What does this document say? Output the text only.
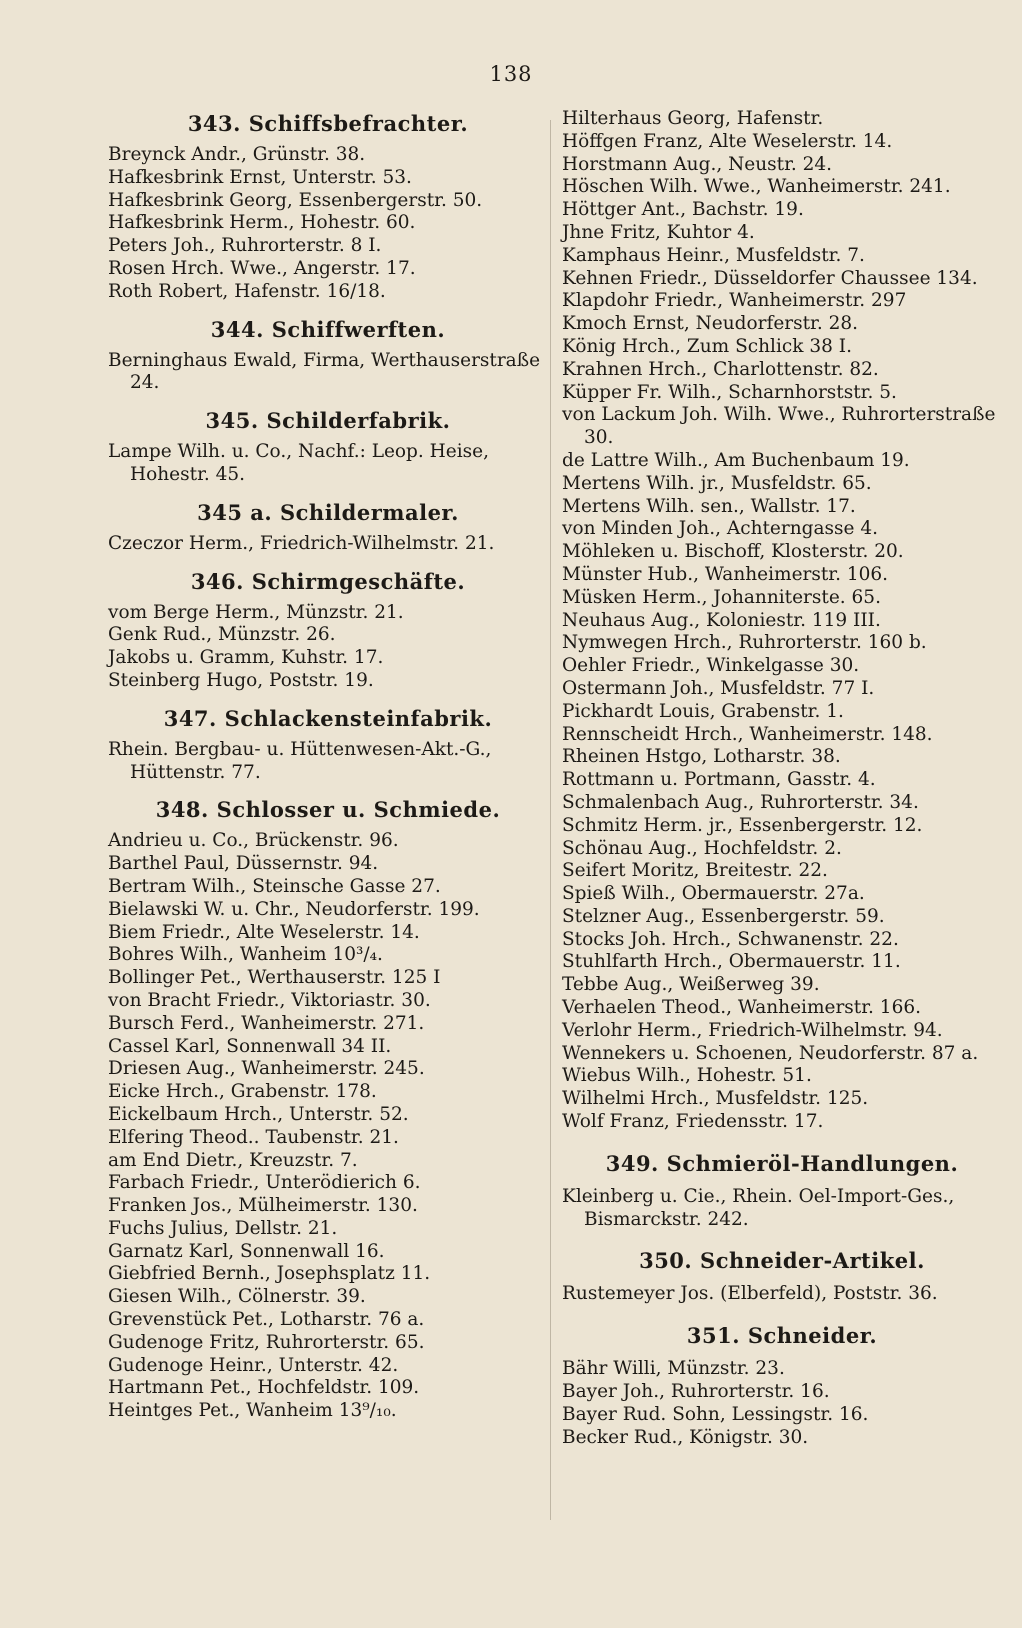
138
343. Schiffsbefrachter.
Breynck Andr., Grünstr. 38.
Hafkesbrink Ernst, Unterstr. 53.
Hafkesbrink Georg, Essenbergerstr. 50.
Hafkesbrink Herm., Hohestr. 60.
Peters Joh., Ruhrorterstr. 8 I.
Rosen Hrch. Wwe., Angerstr. 17.
Roth Robert, Hafenstr. 16/18.
344. Schiffwerften.
Berninghaus Ewald, Firma, Werthauserstraße 24.
345. Schilderfabrik.
Lampe Wilh. u. Co., Nachf.: Leop. Heise, Hohestr. 45.
345 a. Schildermaler.
Czeczor Herm., Friedrich-Wilhelmstr. 21.
346. Schirmgeschäfte.
vom Berge Herm., Münzstr. 21.
Genk Rud., Münzstr. 26.
Jakobs u. Gramm, Kuhstr. 17.
Steinberg Hugo, Poststr. 19.
347. Schlackensteinfabrik.
Rhein. Bergbau- u. Hüttenwesen-Akt.-G., Hüttenstr. 77.
348. Schlosser u. Schmiede.
Andrieu u. Co., Brückenstr. 96.
Barthel Paul, Düssernstr. 94.
Bertram Wilh., Steinsche Gasse 27.
Bielawski W. u. Chr., Neudorferstr. 199.
Biem Friedr., Alte Weselerstr. 14.
Bohres Wilh., Wanheim 10³/₄.
Bollinger Pet., Werthauserstr. 125 I
von Bracht Friedr., Viktoriastr. 30.
Bursch Ferd., Wanheimerstr. 271.
Cassel Karl, Sonnenwall 34 II.
Driesen Aug., Wanheimerstr. 245.
Eicke Hrch., Grabenstr. 178.
Eickelbaum Hrch., Unterstr. 52.
Elfering Theod.. Taubenstr. 21.
am End Dietr., Kreuzstr. 7.
Farbach Friedr., Unterödierich 6.
Franken Jos., Mülheimerstr. 130.
Fuchs Julius, Dellstr. 21.
Garnatz Karl, Sonnenwall 16.
Giebfried Bernh., Josephsplatz 11.
Giesen Wilh., Cölnerstr. 39.
Grevenstück Pet., Lotharstr. 76 a.
Gudenoge Fritz, Ruhrorterstr. 65.
Gudenoge Heinr., Unterstr. 42.
Hartmann Pet., Hochfeldstr. 109.
Heintges Pet., Wanheim 13⁹/₁₀.
Hilterhaus Georg, Hafenstr.
Höffgen Franz, Alte Weselerstr. 14.
Horstmann Aug., Neustr. 24.
Höschen Wilh. Wwe., Wanheimerstr. 241.
Höttger Ant., Bachstr. 19.
Jhne Fritz, Kuhtor 4.
Kamphaus Heinr., Musfeldstr. 7.
Kehnen Friedr., Düsseldorfer Chaussee 134.
Klapdohr Friedr., Wanheimerstr. 297
Kmoch Ernst, Neudorferstr. 28.
König Hrch., Zum Schlick 38 I.
Krahnen Hrch., Charlottenstr. 82.
Küpper Fr. Wilh., Scharnhorststr. 5.
von Lackum Joh. Wilh. Wwe., Ruhrorterstraße 30.
de Lattre Wilh., Am Buchenbaum 19.
Mertens Wilh. jr., Musfeldstr. 65.
Mertens Wilh. sen., Wallstr. 17.
von Minden Joh., Achterngasse 4.
Möhleken u. Bischoff, Klosterstr. 20.
Münster Hub., Wanheimerstr. 106.
Müsken Herm., Johanniterste. 65.
Neuhaus Aug., Koloniestr. 119 III.
Nymwegen Hrch., Ruhrorterstr. 160 b.
Oehler Friedr., Winkelgasse 30.
Ostermann Joh., Musfeldstr. 77 I.
Pickhardt Louis, Grabenstr. 1.
Rennscheidt Hrch., Wanheimerstr. 148.
Rheinen Hstgo, Lotharstr. 38.
Rottmann u. Portmann, Gasstr. 4.
Schmalenbach Aug., Ruhrorterstr. 34.
Schmitz Herm. jr., Essenbergerstr. 12.
Schönau Aug., Hochfeldstr. 2.
Seifert Moritz, Breitestr. 22.
Spieß Wilh., Obermauerstr. 27a.
Stelzner Aug., Essenbergerstr. 59.
Stocks Joh. Hrch., Schwanenstr. 22.
Stuhlfarth Hrch., Obermauerstr. 11.
Tebbe Aug., Weißerweg 39.
Verhaelen Theod., Wanheimerstr. 166.
Verlohr Herm., Friedrich-Wilhelmstr. 94.
Wennekers u. Schoenen, Neudorferstr. 87 a.
Wiebus Wilh., Hohestr. 51.
Wilhelmi Hrch., Musfeldstr. 125.
Wolf Franz, Friedensstr. 17.
349. Schmieröl-Handlungen.
Kleinberg u. Cie., Rhein. Oel-Import-Ges., Bismarckstr. 242.
350. Schneider-Artikel.
Rustemeyer Jos. (Elberfeld), Poststr. 36.
351. Schneider.
Bähr Willi, Münzstr. 23.
Bayer Joh., Ruhrorterstr. 16.
Bayer Rud. Sohn, Lessingstr. 16.
Becker Rud., Königstr. 30.
